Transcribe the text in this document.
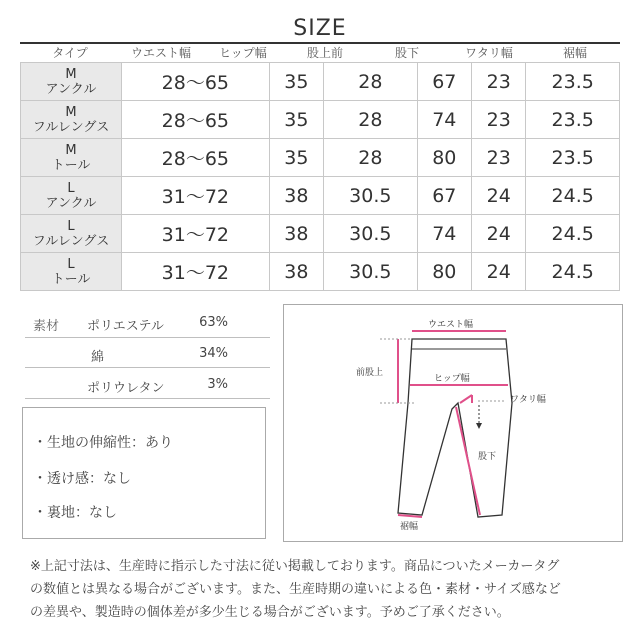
SIZE
タイプ	ウエスト幅	ヒップ幅	股上前	股下	ワタリ幅	裾幅
M
アンクル	28～65	35	28	67	23	23.5
M
フルレングス	28～65	35	28	74	23	23.5
M
トール	28～65	35	28	80	23	23.5
L
アンクル	31～72	38	30.5	67	24	24.5
L
フルレングス	31～72	38	30.5	74	24	24.5
L
トール	31～72	38	30.5	80	24	24.5
素材 ポリエステル	63%
綿	34%
ポリウレタン	3%
・生地の伸縮性：あり
・透け感：なし
・裏地：なし
ウエスト幅
前股上
ヒップ幅
ワタリ幅
股下
裾幅
※上記寸法は、生産時に指示した寸法に従い掲載しております。商品についたメーカータグ
の数値とは異なる場合がございます。また、生産時期の違いによる色・素材・サイズ感など
の差異や、製造時の個体差が多少生じる場合がございます。予めご了承ください。
